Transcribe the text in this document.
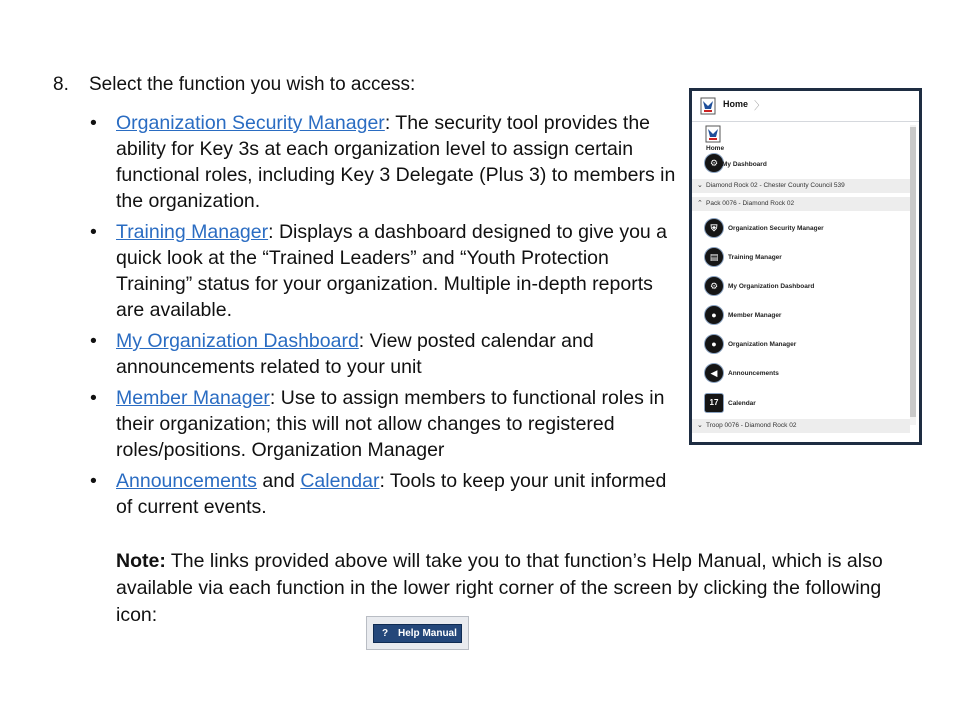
8. Select the function you wish to access:
• Organization Security Manager: The security tool provides the ability for Key 3s at each organization level to assign certain functional roles, including Key 3 Delegate (Plus 3) to members in the organization.
• Training Manager: Displays a dashboard designed to give you a quick look at the “Trained Leaders” and “Youth Protection Training” status for your organization. Multiple in-depth reports are available.
• My Organization Dashboard: View posted calendar and announcements related to your unit
• Member Manager: Use to assign members to functional roles in their organization; this will not allow changes to registered roles/positions. Organization Manager
• Announcements and Calendar: Tools to keep your unit informed of current events.
Note: The links provided above will take you to that function’s Help Manual, which is also available via each function in the lower right corner of the screen by clicking the following icon:
? Help Manual
Home 〉
Home
⚙ My Dashboard
⌄ Diamond Rock 02 - Chester County Council 539
⌃ Pack 0076 - Diamond Rock 02
⛨	Organization Security Manager
▤	Training Manager
⚙	My Organization Dashboard
●	Member Manager
●	Organization Manager
◀	Announcements
17	Calendar
⌄ Troop 0076 - Diamond Rock 02
